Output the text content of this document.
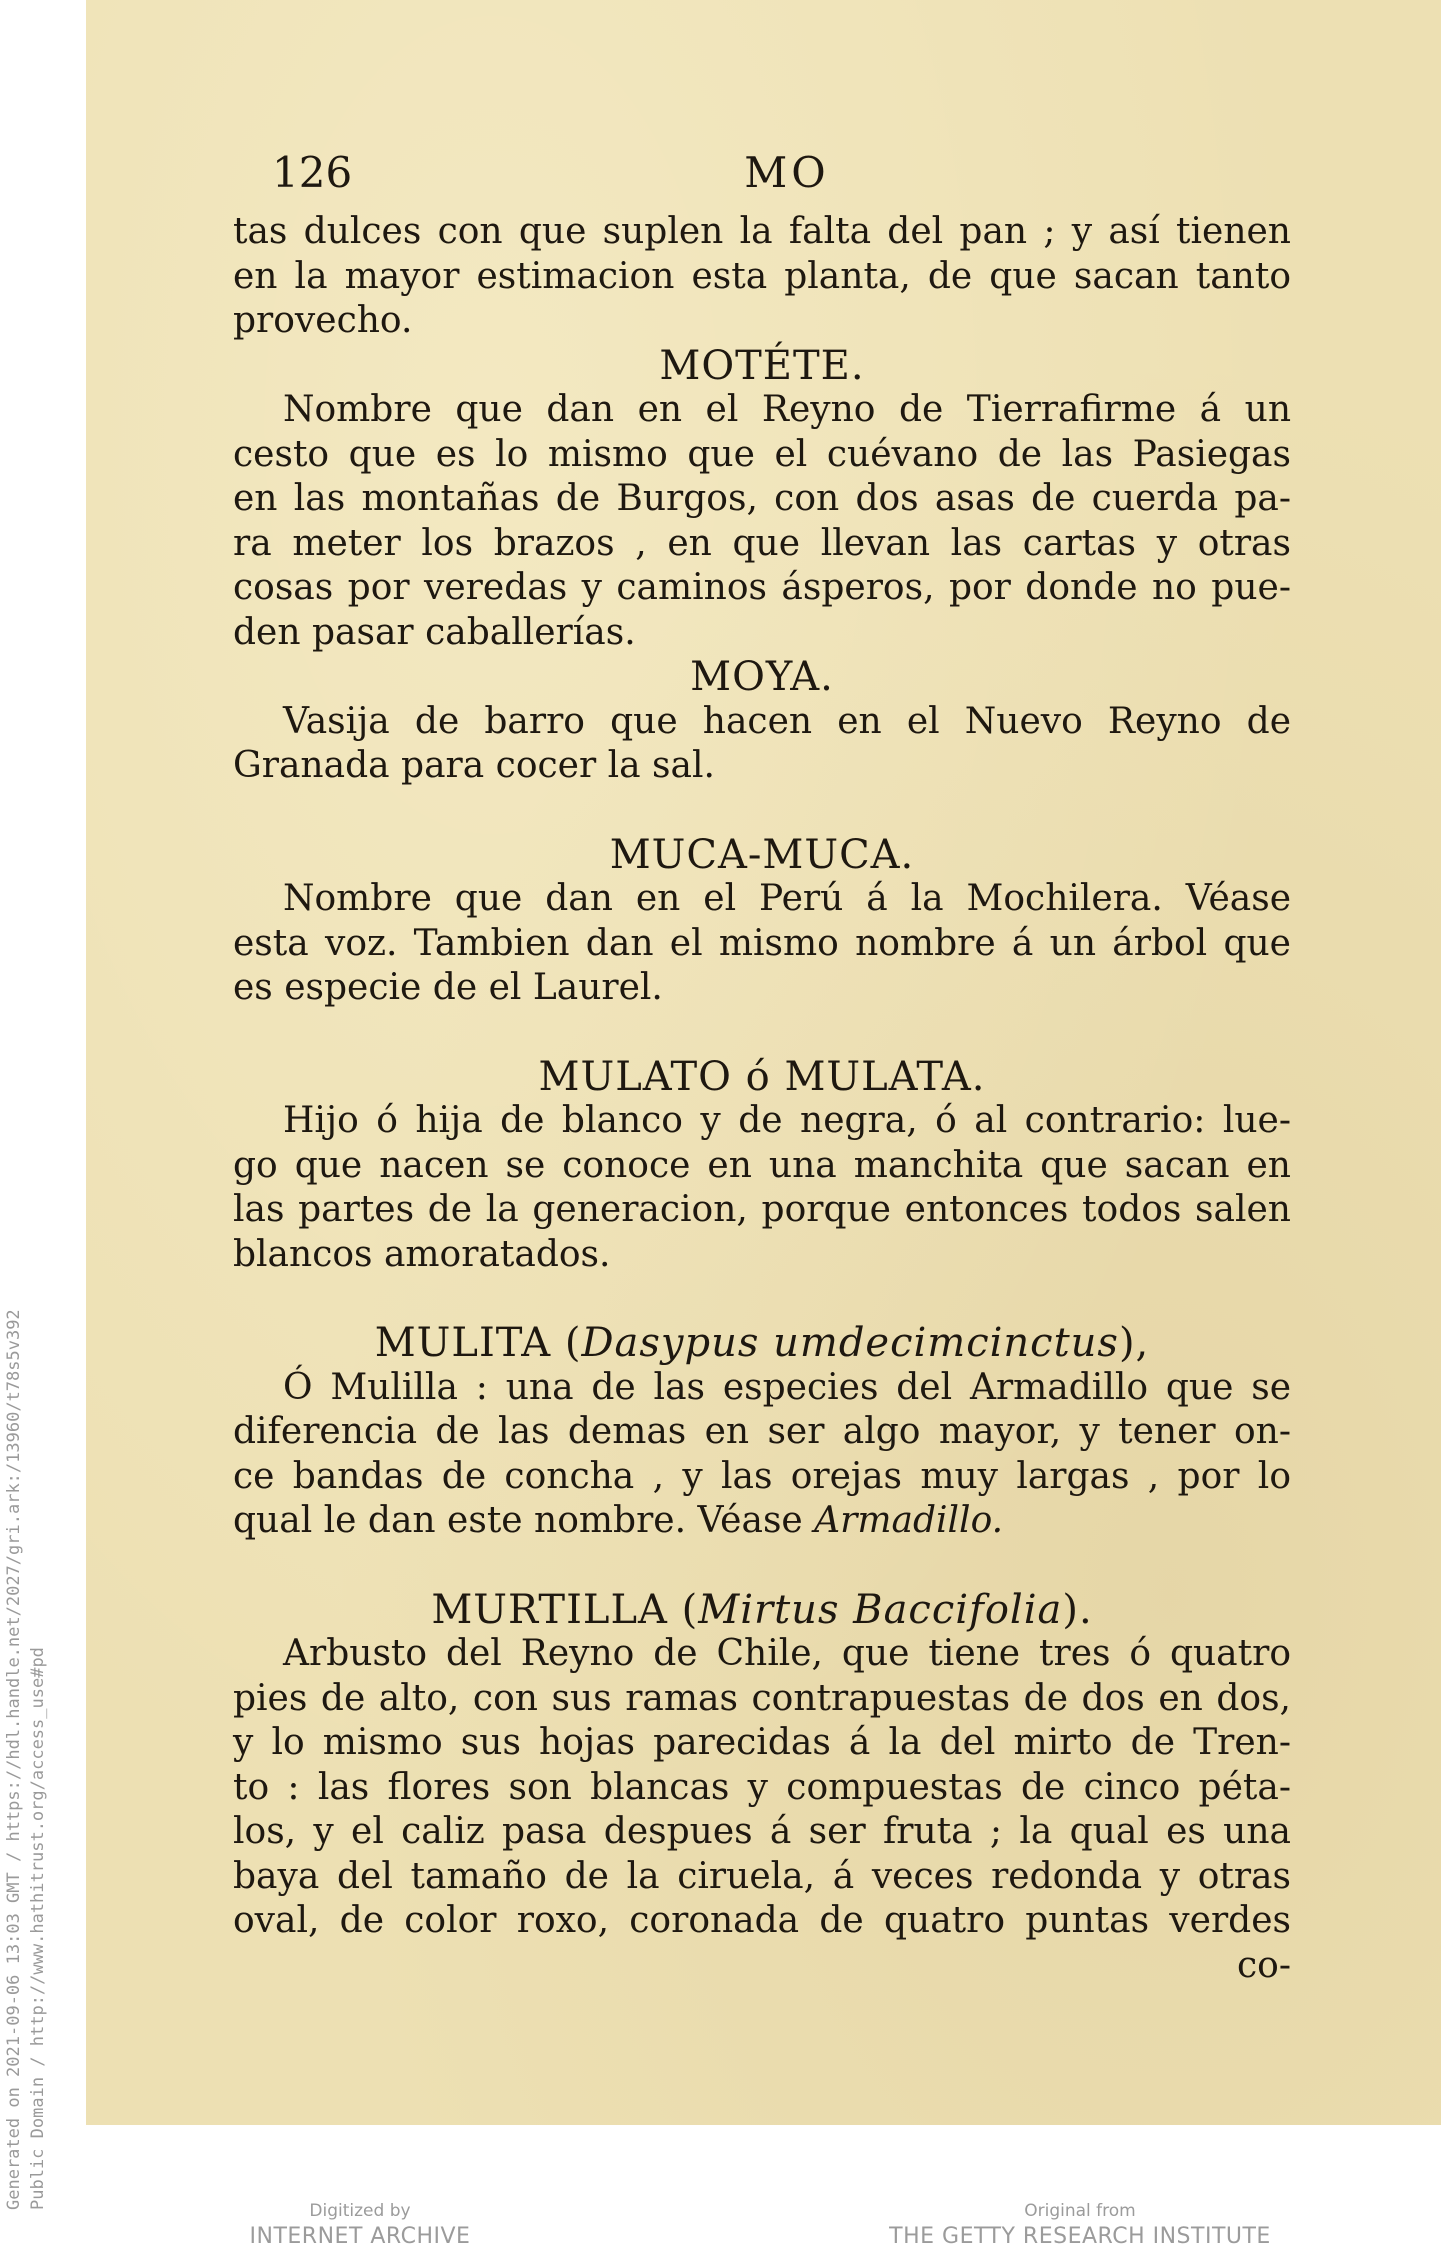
126	MO
tas dulces con que suplen la falta del pan ; y así tienen
en la mayor estimacion esta planta, de que sacan tanto
provecho.
MOTÉTE.
Nombre que dan en el Reyno de Tierrafirme á un
cesto que es lo mismo que el cuévano de las Pasiegas
en las montañas de Burgos, con dos asas de cuerda pa-
ra meter los brazos , en que llevan las cartas y otras
cosas por veredas y caminos ásperos, por donde no pue-
den pasar caballerías.
MOYA.
Vasija de barro que hacen en el Nuevo Reyno de
Granada para cocer la sal.
MUCA-MUCA.
Nombre que dan en el Perú á la Mochilera. Véase
esta voz. Tambien dan el mismo nombre á un árbol que
es especie de el Laurel.
MULATO ó MULATA.
Hijo ó hija de blanco y de negra, ó al contrario: lue-
go que nacen se conoce en una manchita que sacan en
las partes de la generacion, porque entonces todos salen
blancos amoratados.
MULITA (Dasypus umdecimcinctus),
Ó Mulilla : una de las especies del Armadillo que se
diferencia de las demas en ser algo mayor, y tener on-
ce bandas de concha , y las orejas muy largas , por lo
qual le dan este nombre. Véase Armadillo.
MURTILLA (Mirtus Baccifolia).
Arbusto del Reyno de Chile, que tiene tres ó quatro
pies de alto, con sus ramas contrapuestas de dos en dos,
y lo mismo sus hojas parecidas á la del mirto de Tren-
to : las flores son blancas y compuestas de cinco péta-
los, y el caliz pasa despues á ser fruta ; la qual es una
baya del tamaño de la ciruela, á veces redonda y otras
oval, de color roxo, coronada de quatro puntas verdes
co-
Generated on 2021-09-06 13:03 GMT / https://hdl.handle.net/2027/gri.ark:/13960/t78s5v392 Public Domain / http://www.hathitrust.org/access_use#pd
Digitized by
INTERNET ARCHIVE
Original from
THE GETTY RESEARCH INSTITUTE
